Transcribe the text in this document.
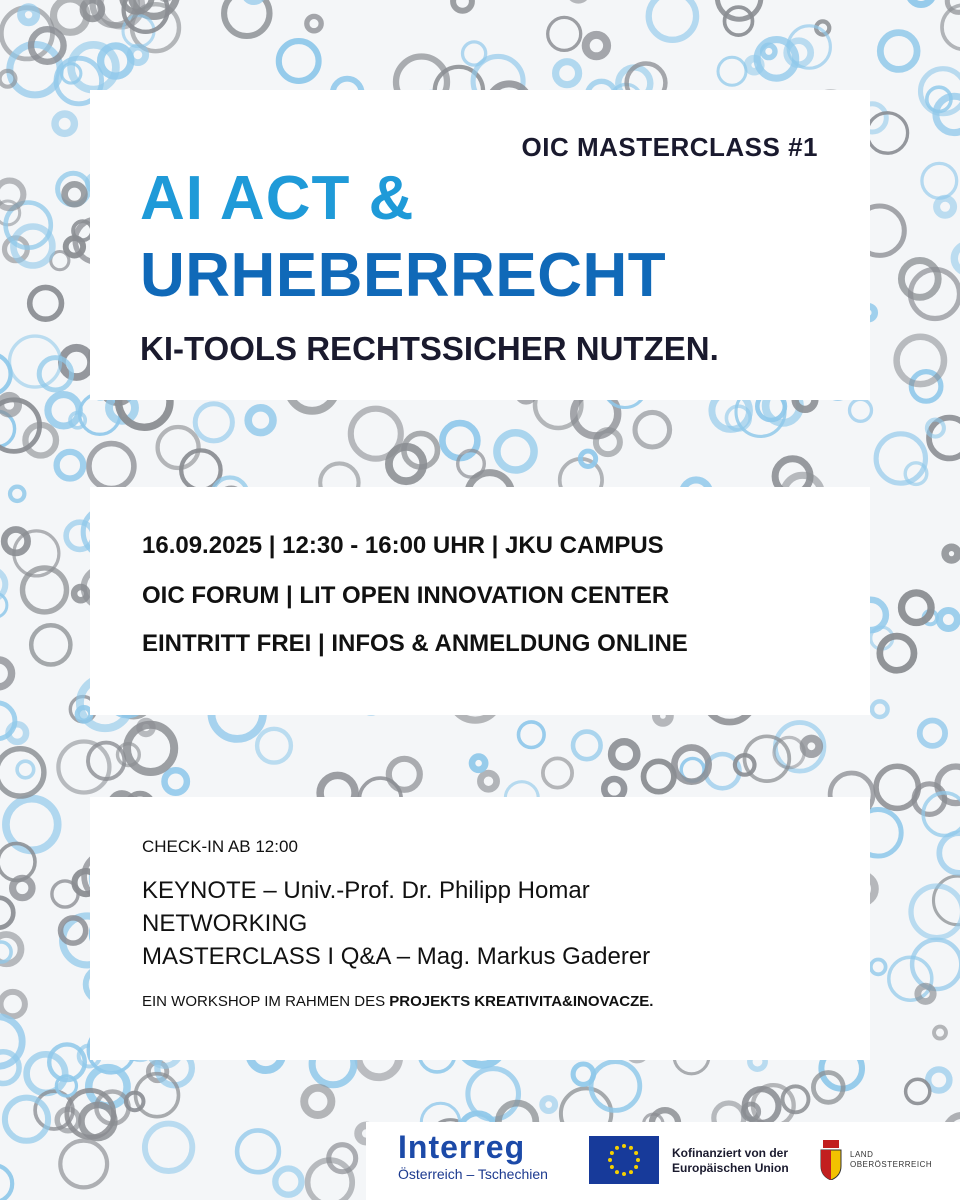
OIC MASTERCLASS #1
AI ACT &
URHEBERRECHT
KI-TOOLS RECHTSSICHER NUTZEN.
16.09.2025 | 12:30 - 16:00 UHR | JKU CAMPUS
OIC FORUM | LIT OPEN INNOVATION CENTER
EINTRITT FREI | INFOS & ANMELDUNG ONLINE
CHECK-IN AB 12:00
KEYNOTE – Univ.-Prof. Dr. Philipp Homar
NETWORKING
MASTERCLASS I Q&A – Mag. Markus Gaderer
EIN WORKSHOP IM RAHMEN DES PROJEKTS KREATIVITA&INOVACZE.
Interreg
Österreich – Tschechien
Kofinanziert von der
Europäischen Union
LAND
OBERÖSTERREICH
